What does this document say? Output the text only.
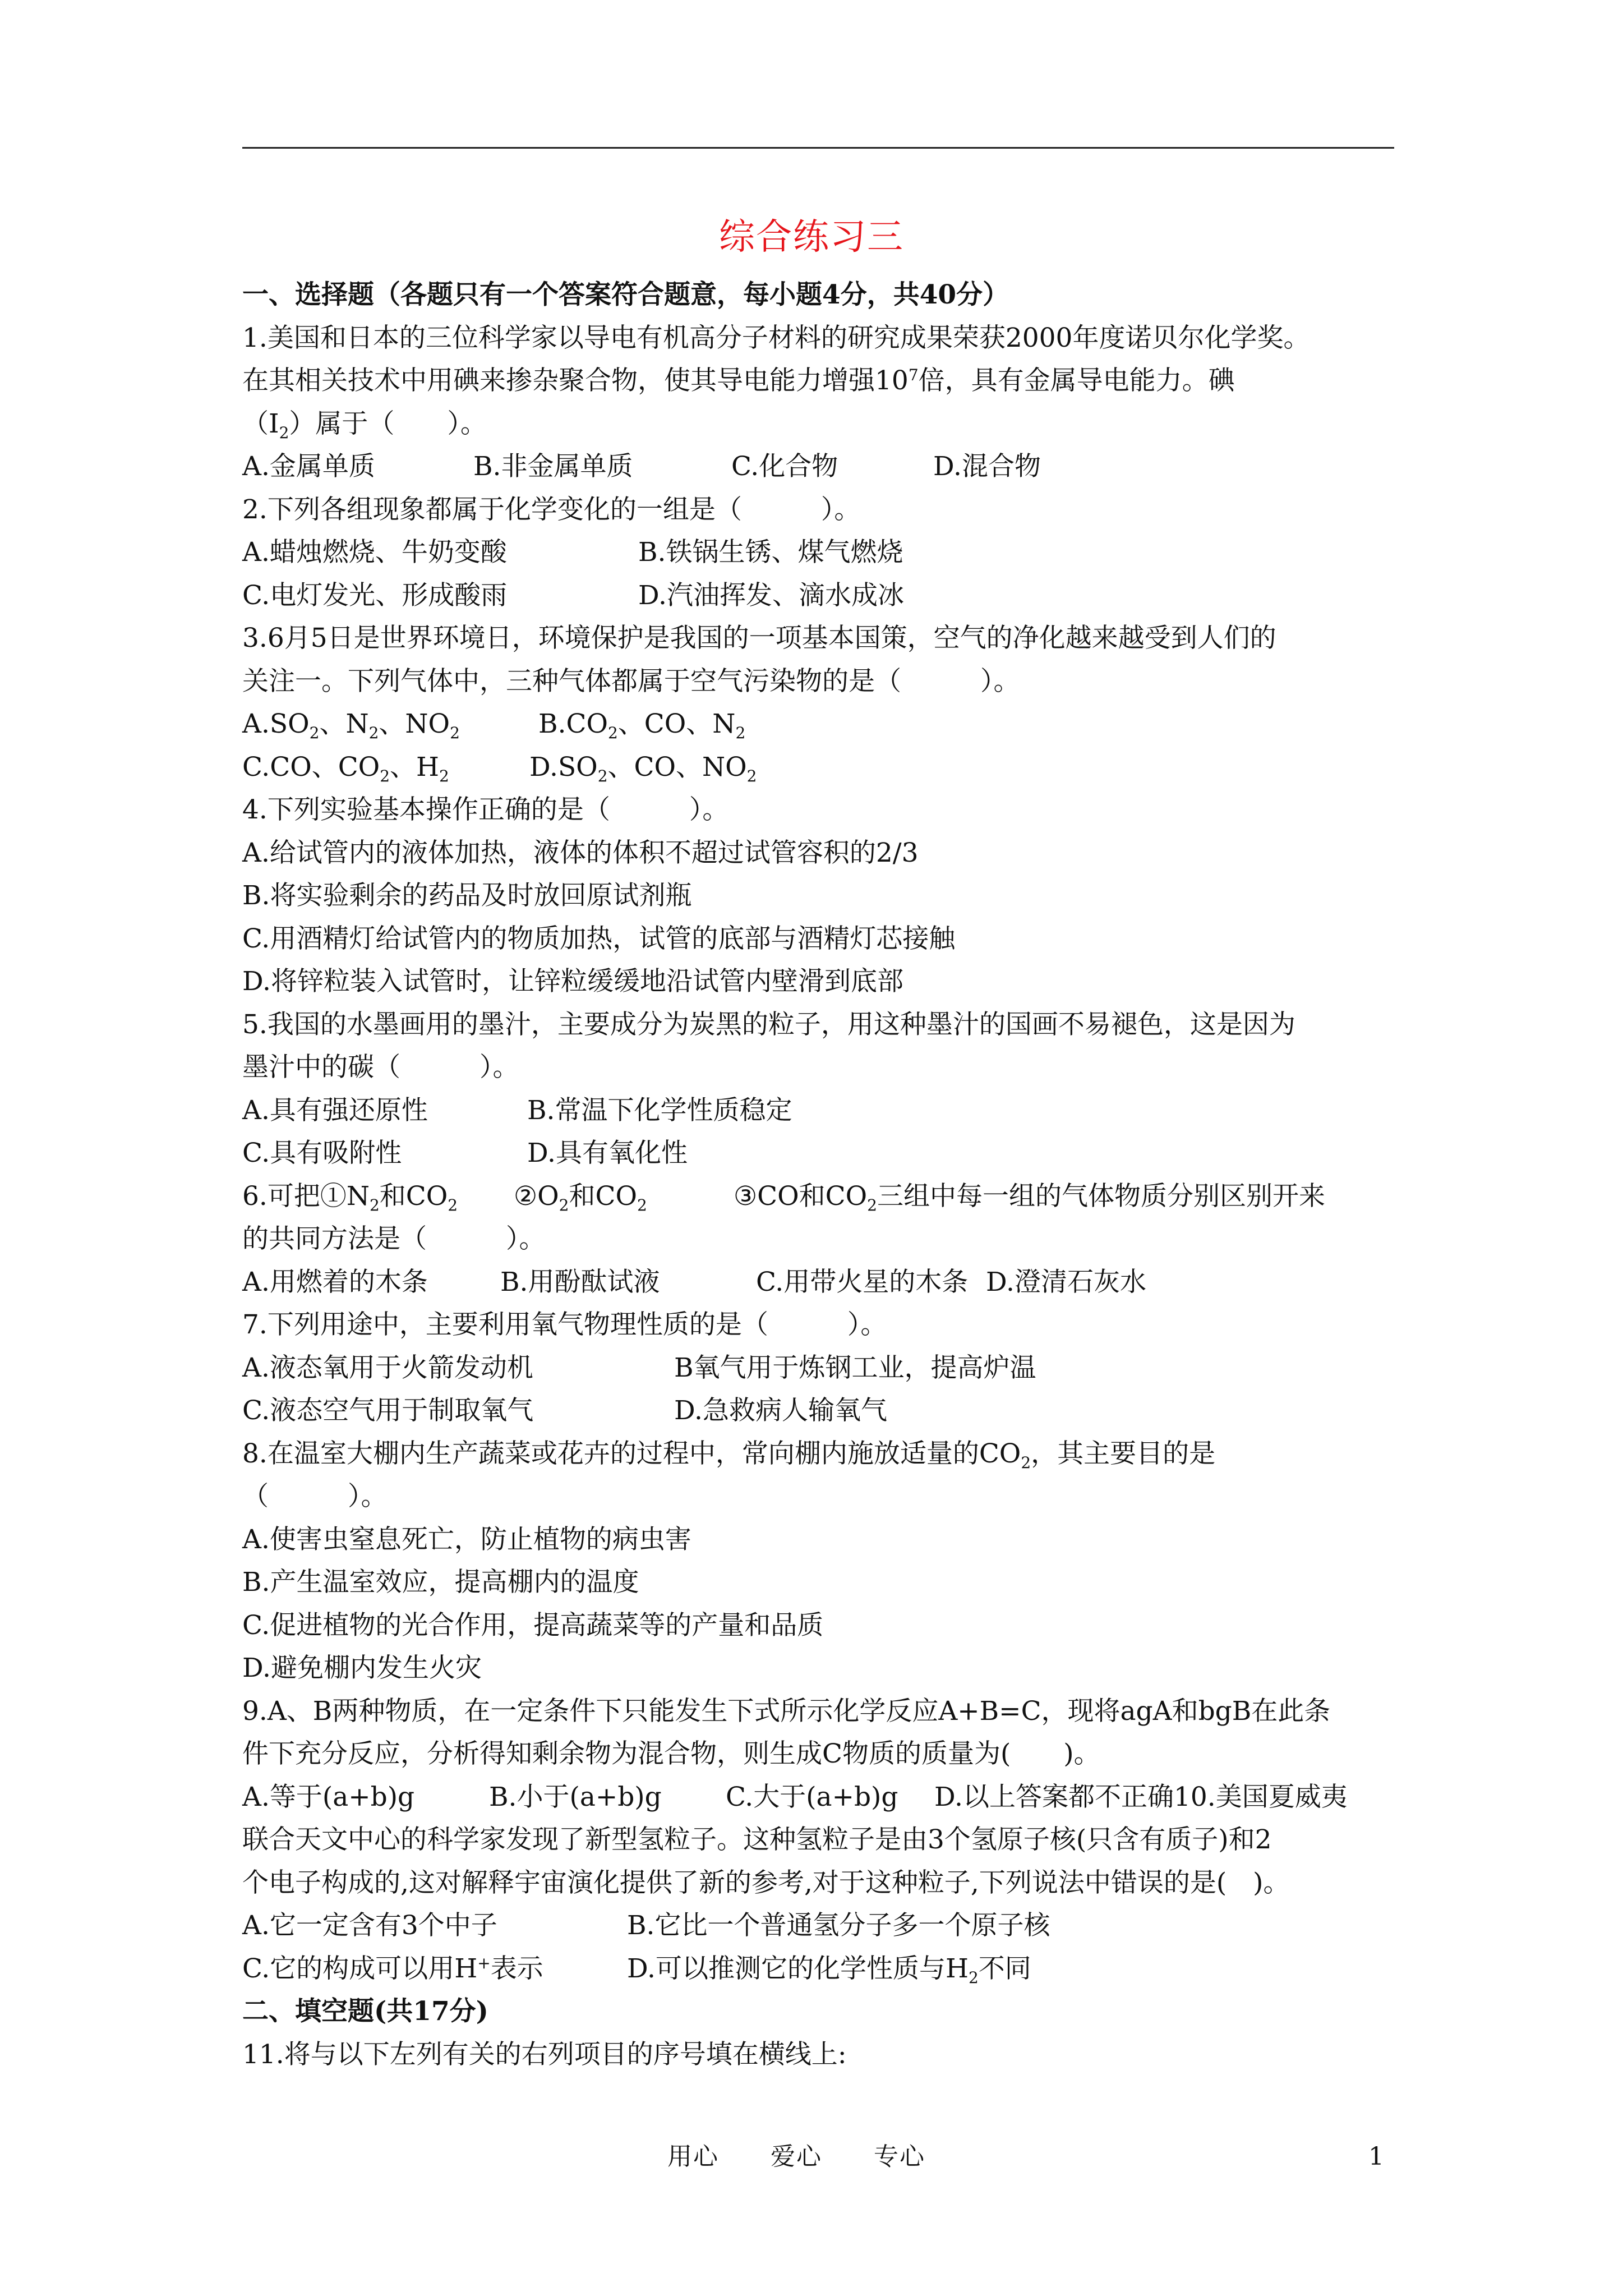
综合练习三
一、选择题（各题只有一个答案符合题意，每小题4分，共40分）
1.美国和日本的三位科学家以导电有机高分子材料的研究成果荣获2000年度诺贝尔化学奖。
在其相关技术中用碘来掺杂聚合物，使其导电能力增强$10^7$倍，具有金属导电能力。碘
$(I_2)$属于（　　）。
A.金属单质	B.非金属单质	C.化合物	D.混合物
2.下列各组现象都属于化学变化的一组是（　　　）。
A.蜡烛燃烧、牛奶变酸	B.铁锅生锈、煤气燃烧
C.电灯发光、形成酸雨	D.汽油挥发、滴水成冰
3.6月5日是世界环境日，环境保护是我国的一项基本国策，空气的净化越来越受到人们的
关注一。下列气体中，三种气体都属于空气污染物的是（　　　）。
$A.SO_2$、$N_2$、$NO_2$	$B.CO_2$、CO、$N_2$
C.CO、$CO_2$、$H_2$	$D.SO_2$、CO、$NO_2$
4.下列实验基本操作正确的是（　　　）。
A.给试管内的液体加热，液体的体积不超过试管容积的2/3
B.将实验剩余的药品及时放回原试剂瓶
C.用酒精灯给试管内的物质加热，试管的底部与酒精灯芯接触
D.将锌粒装入试管时，让锌粒缓缓地沿试管内壁滑到底部
5.我国的水墨画用的墨汁，主要成分为炭黑的粒子，用这种墨汁的国画不易褪色，这是因为
墨汁中的碳（　　　）。
A.具有强还原性	B.常温下化学性质稳定
C.具有吸附性	D.具有氧化性
6.可把$①N_2$和$CO_2$ $②O_2$和$CO_2$	③CO和$CO_2$三组中每一组的气体物质分别区别开来
的共同方法是（　　　）。
A.用燃着的木条	B.用酚酞试液	C.用带火星的木条 D.澄清石灰水
7.下列用途中，主要利用氧气物理性质的是（　　　）。
A.液态氧用于火箭发动机	B氧气用于炼钢工业，提高炉温
C.液态空气用于制取氧气	D.急救病人输氧气
8.在温室大棚内生产蔬菜或花卉的过程中，常向棚内施放适量的$CO_2$，其主要目的是
（　　　）。
A.使害虫窒息死亡，防止植物的病虫害
B.产生温室效应，提高棚内的温度
C.促进植物的光合作用，提高蔬菜等的产量和品质
D.避免棚内发生火灾
9.A、B两种物质，在一定条件下只能发生下式所示化学反应A+B=C，现将agA和bgB在此条
件下充分反应，分析得知剩余物为混合物，则生成C物质的质量为(　　)。
A.等于(a+b)g	B.小于(a+b)g C.大于(a+b)g D.以上答案都不正确10.美国夏威夷
联合天文中心的科学家发现了新型氢粒子。这种氢粒子是由3个氢原子核(只含有质子)和2
个电子构成的,这对解释宇宙演化提供了新的参考,对于这种粒子,下列说法中错误的是(　)。
A.它一定含有3个中子	B.它比一个普通氢分子多一个原子核
C.它的构成可以用H+表示	D.可以推测它的化学性质与$H_2$不同
二、填空题(共17分)
11.将与以下左列有关的右列项目的序号填在横线上:
用心　　爱心　　专心	1
